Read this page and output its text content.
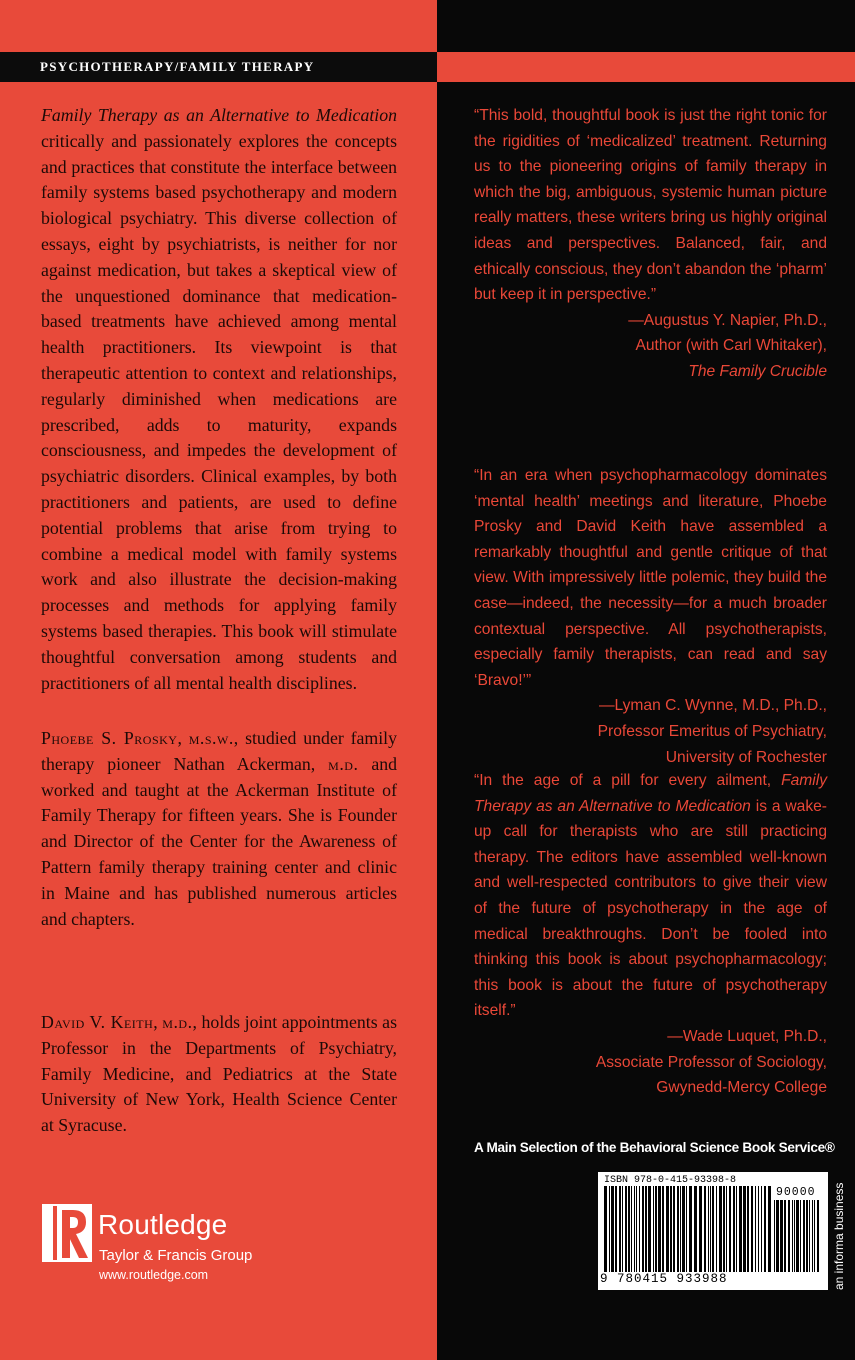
PSYCHOTHERAPY/FAMILY THERAPY
Family Therapy as an Alternative to Medication critically and passionately explores the concepts and practices that constitute the interface between family systems based psychotherapy and modern biological psychiatry. This diverse collection of essays, eight by psychiatrists, is neither for nor against medication, but takes a skeptical view of the unquestioned dominance that medication-based treatments have achieved among mental health practitioners. Its viewpoint is that therapeutic attention to context and relationships, regularly diminished when medications are prescribed, adds to maturity, expands consciousness, and impedes the development of psychiatric disorders. Clinical examples, by both practitioners and patients, are used to define potential problems that arise from trying to combine a medical model with family systems work and also illustrate the decision-making processes and methods for applying family systems based therapies. This book will stimulate thoughtful conversation among students and practitioners of all mental health disciplines.
Phoebe S. Prosky, m.s.w., studied under family therapy pioneer Nathan Ackerman, m.d. and worked and taught at the Ackerman Institute of Family Therapy for fifteen years. She is Founder and Director of the Center for the Awareness of Pattern family therapy training center and clinic in Maine and has published numerous articles and chapters.
David V. Keith, m.d., holds joint appointments as Professor in the Departments of Psychiatry, Family Medicine, and Pediatrics at the State University of New York, Health Science Center at Syracuse.
“This bold, thoughtful book is just the right tonic for the rigidities of ‘medicalized’ treatment. Returning us to the pioneering origins of family therapy in which the big, ambiguous, systemic human picture really matters, these writers bring us highly original ideas and perspectives. Balanced, fair, and ethically conscious, they don’t abandon the ‘pharm’ but keep it in perspective.”
—Augustus Y. Napier, Ph.D.,
Author (with Carl Whitaker),
The Family Crucible
“In an era when psychopharmacology dominates ‘mental health’ meetings and literature, Phoebe Prosky and David Keith have assembled a remarkably thoughtful and gentle critique of that view. With impressively little polemic, they build the case—indeed, the necessity—for a much broader contextual perspective. All psychotherapists, especially family therapists, can read and say ‘Bravo!’”
—Lyman C. Wynne, M.D., Ph.D.,
Professor Emeritus of Psychiatry,
University of Rochester
“In the age of a pill for every ailment, Family Therapy as an Alternative to Medication is a wake-up call for therapists who are still practicing therapy. The editors have assembled well-known and well-respected contributors to give their view of the future of psychotherapy in the age of medical breakthroughs. Don’t be fooled into thinking this book is about psychopharmacology; this book is about the future of psychotherapy itself.”
—Wade Luquet, Ph.D.,
Associate Professor of Sociology,
Gwynedd-Mercy College
A Main Selection of the Behavioral Science Book Service®
ISBN 978-0-415-93398-8
90000
9 780415 933988	an informa business
ROUTLEDGE Routledge
Taylor & Francis Group
www.routledge.com
